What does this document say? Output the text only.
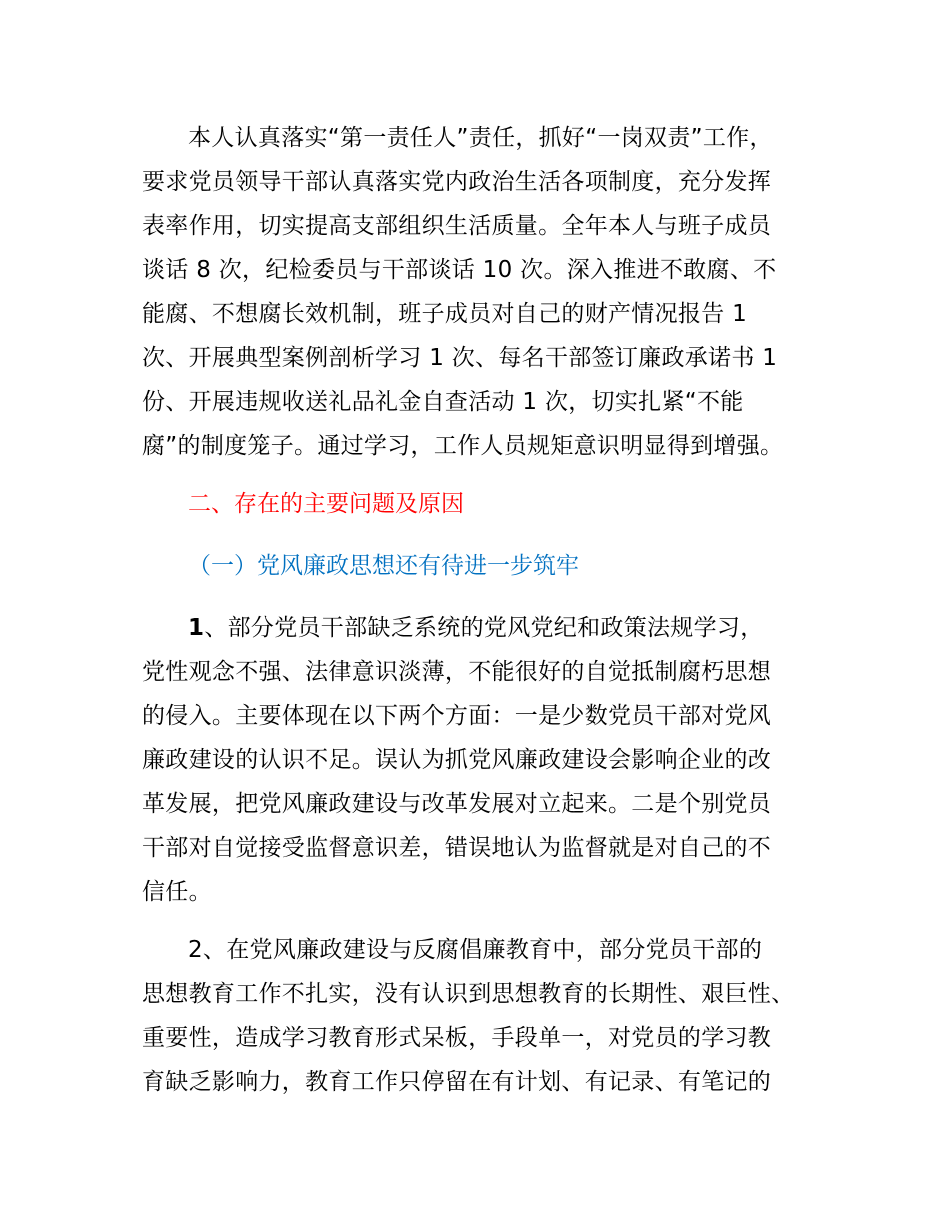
本人认真落实“第一责任人”责任，抓好“一岗双责”工作，
要求党员领导干部认真落实党内政治生活各项制度，充分发挥
表率作用，切实提高支部组织生活质量。全年本人与班子成员
谈话 8 次，纪检委员与干部谈话 10 次。深入推进不敢腐、不
能腐、不想腐长效机制，班子成员对自己的财产情况报告 1
次、开展典型案例剖析学习 1 次、每名干部签订廉政承诺书 1
份、开展违规收送礼品礼金自查活动 1 次，切实扎紧“不能
腐”的制度笼子。通过学习，工作人员规矩意识明显得到增强。
二、存在的主要问题及原因
（一）党风廉政思想还有待进一步筑牢
1、部分党员干部缺乏系统的党风党纪和政策法规学习，
党性观念不强、法律意识淡薄，不能很好的自觉抵制腐朽思想
的侵入。主要体现在以下两个方面：一是少数党员干部对党风
廉政建设的认识不足。误认为抓党风廉政建设会影响企业的改
革发展，把党风廉政建设与改革发展对立起来。二是个别党员
干部对自觉接受监督意识差，错误地认为监督就是对自己的不
信任。
2、在党风廉政建设与反腐倡廉教育中，部分党员干部的
思想教育工作不扎实，没有认识到思想教育的长期性、艰巨性、
重要性，造成学习教育形式呆板，手段单一，对党员的学习教
育缺乏影响力，教育工作只停留在有计划、有记录、有笔记的
